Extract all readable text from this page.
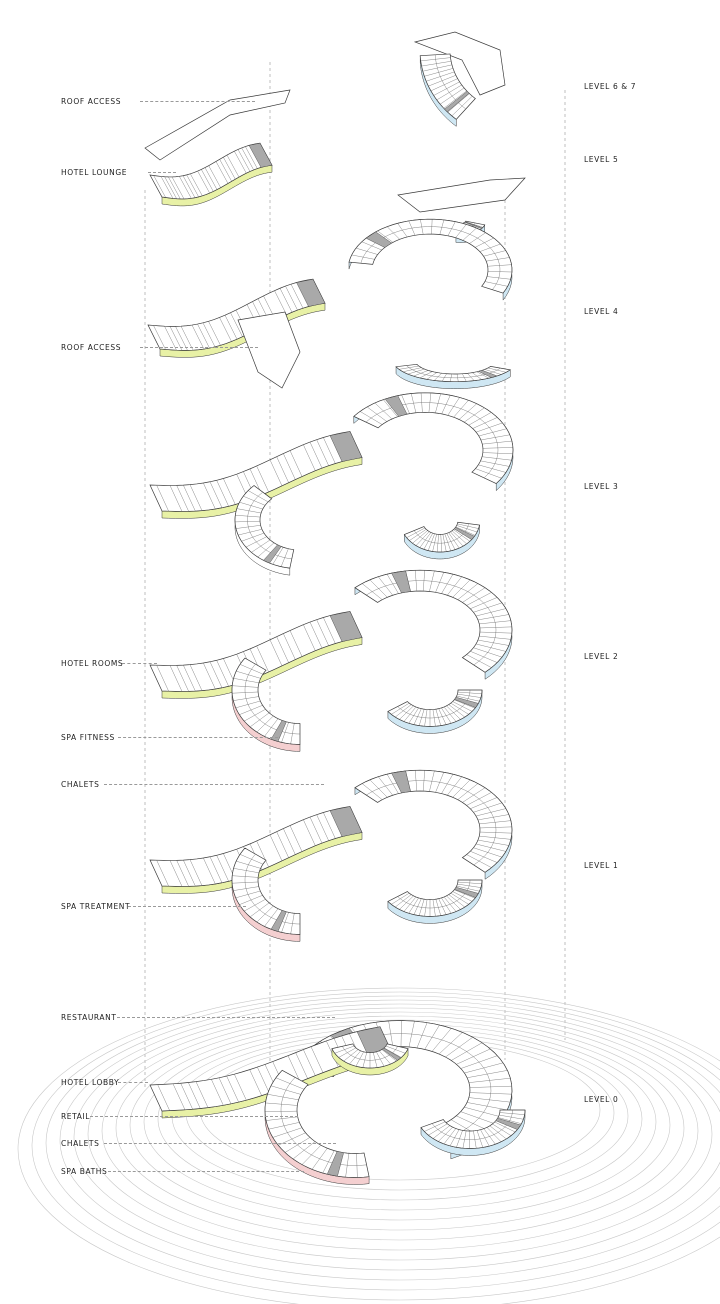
ROOF ACCESS
HOTEL LOUNGE
ROOF ACCESS
HOTEL ROOMS
SPA FITNESS
CHALETS
SPA TREATMENT
RESTAURANT
HOTEL LOBBY
RETAIL
CHALETS
SPA BATHS
LEVEL 6 & 7
LEVEL 5
LEVEL 4
LEVEL 3
LEVEL 2
LEVEL 1
LEVEL 0
